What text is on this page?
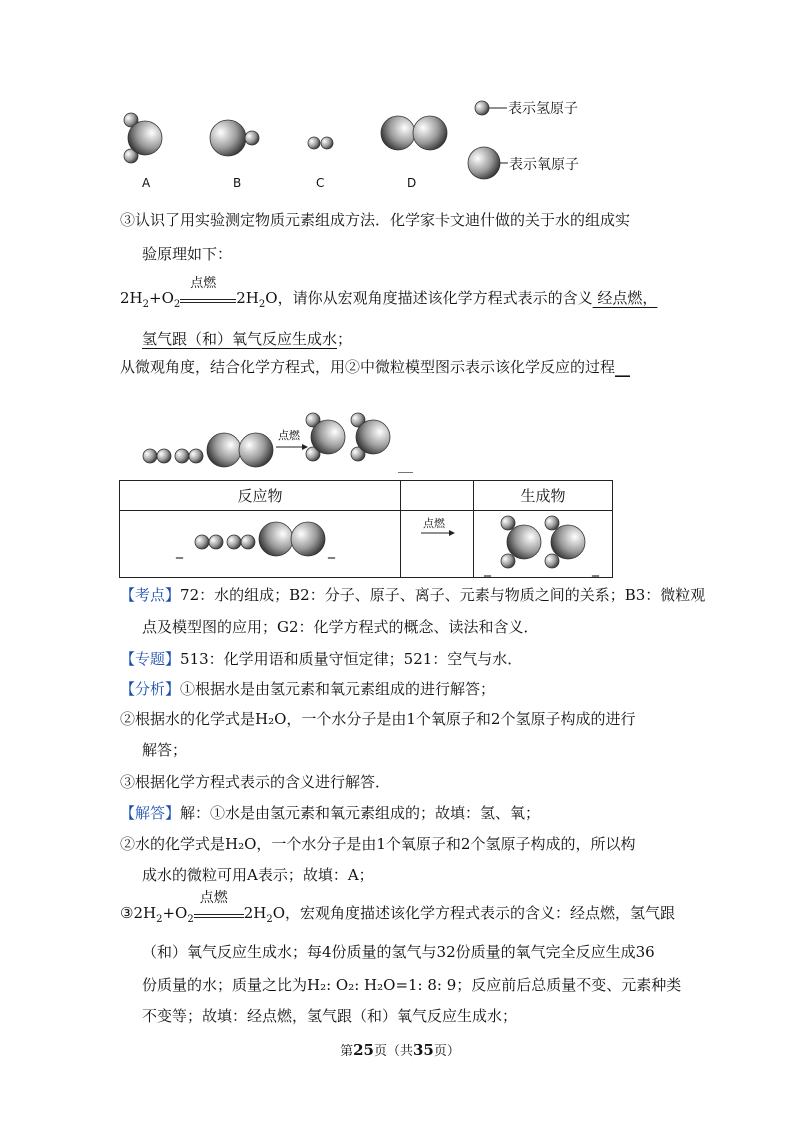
A	B	C	D
表示氢原子
表示氧原子
③认识了用实验测定物质元素组成方法．化学家卡文迪什做的关于水的组成实
验原理如下：
$2H_2+O_2$
点燃
$2H_2O$，请你从宏观角度描述该化学方程式表示的含义 经点燃，
氢气跟（和）氧气反应生成水；
从微观角度，结合化学方程式，用②中微粒模型图示表示该化学反应的过程__
点燃
__
反应物		生成物

_ _	点燃	_ _
【考点】72：水的组成；B2：分子、原子、离子、元素与物质之间的关系；B3：微粒观
点及模型图的应用；G2：化学方程式的概念、读法和含义．
【专题】513：化学用语和质量守恒定律；521：空气与水．
【分析】①根据水是由氢元素和氧元素组成的进行解答；
②根据水的化学式是H₂O，一个水分子是由1个氧原子和2个氢原子构成的进行
解答；
③根据化学方程式表示的含义进行解答．
【解答】解：①水是由氢元素和氧元素组成的；故填：氢、氧；
②水的化学式是H₂O，一个水分子是由1个氧原子和2个氢原子构成的，所以构
成水的微粒可用A表示；故填：A；
$③2H_2+O_2$
点燃
$2H_2O$，宏观角度描述该化学方程式表示的含义：经点燃，氢气跟
（和）氧气反应生成水；每4份质量的氢气与32份质量的氧气完全反应生成36
份质量的水；质量之比为H₂: O₂: H₂O=1: 8: 9；反应前后总质量不变、元素种类
不变等；故填：经点燃，氢气跟（和）氧气反应生成水；
第25页（共35页）
